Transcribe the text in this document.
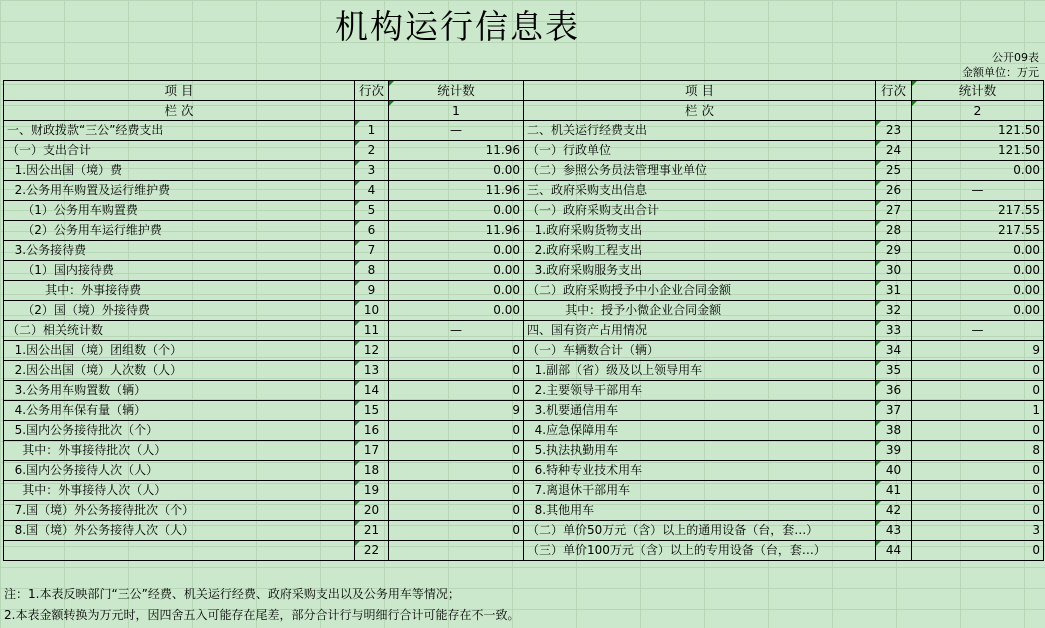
机构运行信息表
公开09表
金额单位：万元
项 目	行次	统计数	项 目	行次	统计数
栏 次		1	栏 次		2
一、财政拨款“三公”经费支出	1	—	二、机关运行经费支出	23	121.50
（一）支出合计	2	11.96	（一）行政单位	24	121.50
1.因公出国（境）费	3	0.00	（二）参照公务员法管理事业单位	25	0.00
2.公务用车购置及运行维护费	4	11.96	三、政府采购支出信息	26	—
（1）公务用车购置费	5	0.00	（一）政府采购支出合计	27	217.55
（2）公务用车运行维护费	6	11.96	1.政府采购货物支出	28	217.55
3.公务接待费	7	0.00	2.政府采购工程支出	29	0.00
（1）国内接待费	8	0.00	3.政府采购服务支出	30	0.00
其中：外事接待费	9	0.00	（二）政府采购授予中小企业合同金额	31	0.00
（2）国（境）外接待费	10	0.00	其中：授予小微企业合同金额	32	0.00
（二）相关统计数	11	—	四、国有资产占用情况	33	—
1.因公出国（境）团组数（个）	12	0	（一）车辆数合计（辆）	34	9
2.因公出国（境）人次数（人）	13	0	1.副部（省）级及以上领导用车	35	0
3.公务用车购置数（辆）	14	0	2.主要领导干部用车	36	0
4.公务用车保有量（辆）	15	9	3.机要通信用车	37	1
5.国内公务接待批次（个）	16	0	4.应急保障用车	38	0
其中：外事接待批次（人）	17	0	5.执法执勤用车	39	8
6.国内公务接待人次（人）	18	0	6.特种专业技术用车	40	0
其中：外事接待人次（人）	19	0	7.离退休干部用车	41	0
7.国（境）外公务接待批次（个）	20	0	8.其他用车	42	0
8.国（境）外公务接待人次（人）	21	0	（二）单价50万元（含）以上的通用设备（台，套…）	43	3
	22		（三）单价100万元（含）以上的专用设备（台，套…）	44	0
注：1.本表反映部门“三公”经费、机关运行经费、政府采购支出以及公务用车等情况；
2.本表金额转换为万元时，因四舍五入可能存在尾差，部分合计行与明细行合计可能存在不一致。
